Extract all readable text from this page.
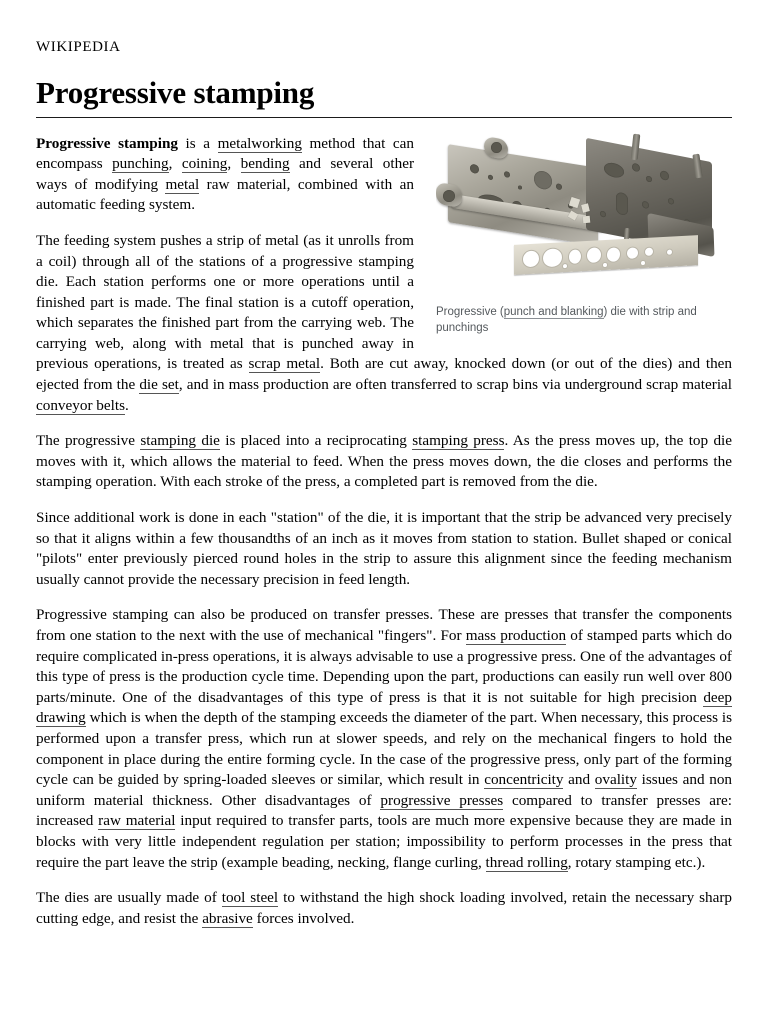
wikipedia
Progressive stamping
Progressive (punch and blanking) die with strip and punchings

Progressive stamping is a metalworking method that can encompass punching, coining, bending and several other ways of modifying metal raw material, combined with an automatic feeding system.

The feeding system pushes a strip of metal (as it unrolls from a coil) through all of the stations of a progressive stamping die. Each station performs one or more operations until a finished part is made. The final station is a cutoff operation, which separates the finished part from the carrying web. The carrying web, along with metal that is punched away in previous operations, is treated as scrap metal. Both are cut away, knocked down (or out of the dies) and then ejected from the die set, and in mass production are often transferred to scrap bins via underground scrap material conveyor belts.

The progressive stamping die is placed into a reciprocating stamping press. As the press moves up, the top die moves with it, which allows the material to feed. When the press moves down, the die closes and performs the stamping operation. With each stroke of the press, a completed part is removed from the die.

Since additional work is done in each "station" of the die, it is important that the strip be advanced very precisely so that it aligns within a few thousandths of an inch as it moves from station to station. Bullet shaped or conical "pilots" enter previously pierced round holes in the strip to assure this alignment since the feeding mechanism usually cannot provide the necessary precision in feed length.

Progressive stamping can also be produced on transfer presses. These are presses that transfer the components from one station to the next with the use of mechanical "fingers". For mass production of stamped parts which do require complicated in-press operations, it is always advisable to use a progressive press. One of the advantages of this type of press is the production cycle time. Depending upon the part, productions can easily run well over 800 parts/minute. One of the disadvantages of this type of press is that it is not suitable for high precision deep drawing which is when the depth of the stamping exceeds the diameter of the part. When necessary, this process is performed upon a transfer press, which run at slower speeds, and rely on the mechanical fingers to hold the component in place during the entire forming cycle. In the case of the progressive press, only part of the forming cycle can be guided by spring-loaded sleeves or similar, which result in concentricity and ovality issues and non uniform material thickness. Other disadvantages of progressive presses compared to transfer presses are: increased raw material input required to transfer parts, tools are much more expensive because they are made in blocks with very little independent regulation per station; impossibility to perform processes in the press that require the part leave the strip (example beading, necking, flange curling, thread rolling, rotary stamping etc.).

The dies are usually made of tool steel to withstand the high shock loading involved, retain the necessary sharp cutting edge, and resist the abrasive forces involved.
